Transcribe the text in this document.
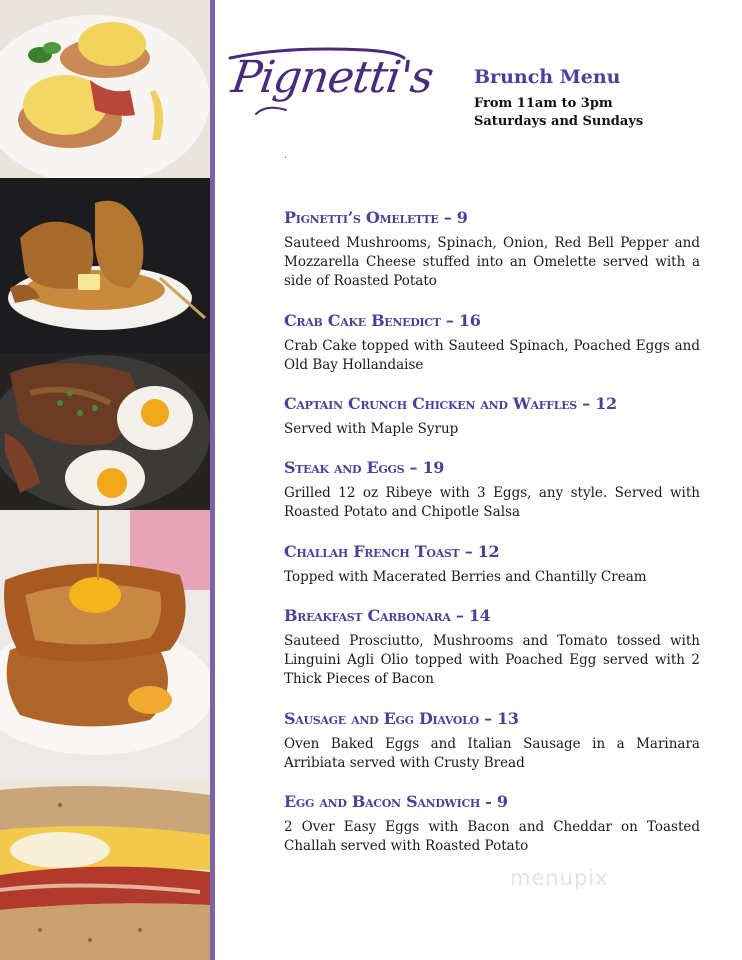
Pignetti's Brunch Menu
From 11am to 3pm
Saturdays and Sundays
.
Pignetti’s Omelette – 9
Sauteed Mushrooms, Spinach, Onion, Red Bell Pepper and Mozzarella Cheese stuffed into an Omelette served with a side of Roasted Potato
Crab Cake Benedict – 16
Crab Cake topped with Sauteed Spinach, Poached Eggs and Old Bay Hollandaise
Captain Crunch Chicken and Waffles – 12
Served with Maple Syrup
Steak and Eggs – 19
Grilled 12 oz Ribeye with 3 Eggs, any style. Served with Roasted Potato and Chipotle Salsa
Challah French Toast – 12
Topped with Macerated Berries and Chantilly Cream
Breakfast Carbonara – 14
Sauteed Prosciutto, Mushrooms and Tomato tossed with Linguini Agli Olio topped with Poached Egg served with 2 Thick Pieces of Bacon
Sausage and Egg Diavolo – 13
Oven Baked Eggs and Italian Sausage in a Marinara Arribiata served with Crusty Bread
Egg and Bacon Sandwich - 9
2 Over Easy Eggs with Bacon and Cheddar on Toasted Challah served with Roasted Potato
menupix
